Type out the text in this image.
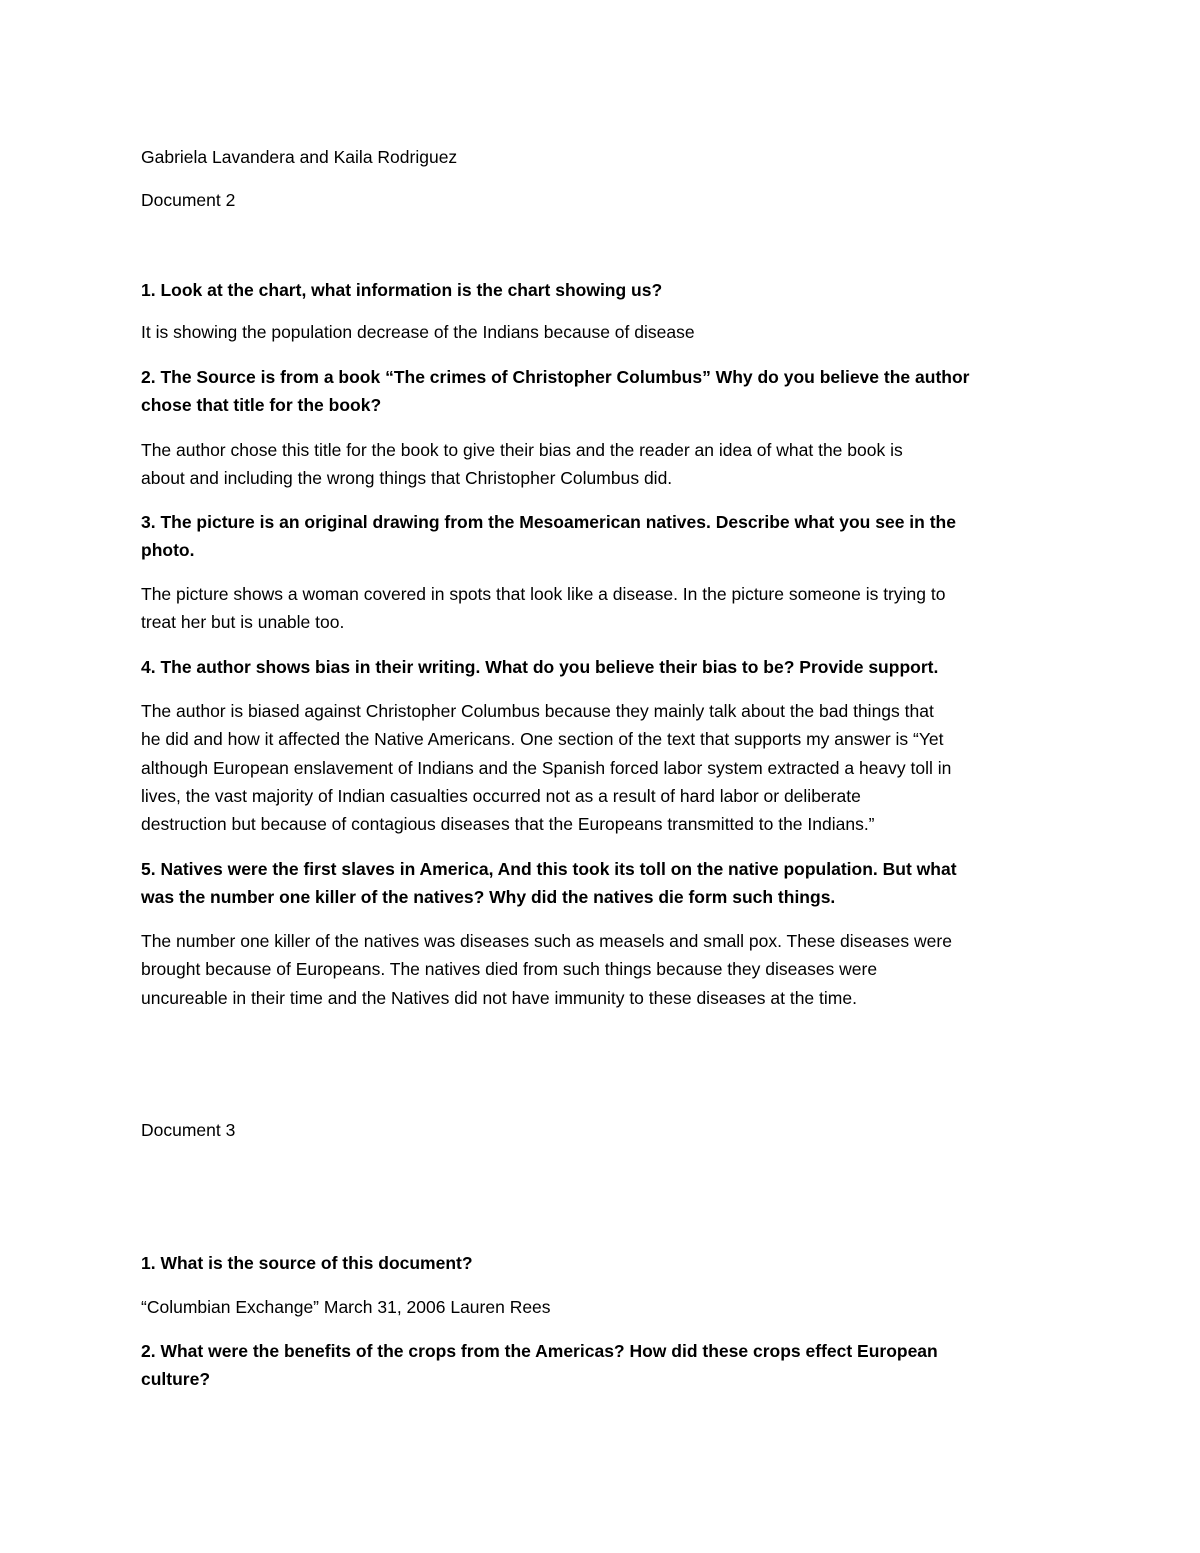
Gabriela Lavandera and Kaila Rodriguez

Document 2

1. Look at the chart, what information is the chart showing us?

It is showing the population decrease of the Indians because of disease

2. The Source is from a book “The crimes of Christopher Columbus” Why do you believe the author

chose that title for the book?

The author chose this title for the book to give their bias and the reader an idea of what the book is

about and including the wrong things that Christopher Columbus did.

3. The picture is an original drawing from the Mesoamerican natives. Describe what you see in the

photo.

The picture shows a woman covered in spots that look like a disease. In the picture someone is trying to

treat her but is unable too.

4. The author shows bias in their writing. What do you believe their bias to be? Provide support.

The author is biased against Christopher Columbus because they mainly talk about the bad things that

he did and how it affected the Native Americans. One section of the text that supports my answer is “Yet

although European enslavement of Indians and the Spanish forced labor system extracted a heavy toll in

lives, the vast majority of Indian casualties occurred not as a result of hard labor or deliberate

destruction but because of contagious diseases that the Europeans transmitted to the Indians.”

5. Natives were the first slaves in America, And this took its toll on the native population. But what

was the number one killer of the natives? Why did the natives die form such things.

The number one killer of the natives was diseases such as measels and small pox. These diseases were

brought because of Europeans. The natives died from such things because they diseases were

uncureable in their time and the Natives did not have immunity to these diseases at the time.

Document 3

1. What is the source of this document?

“Columbian Exchange” March 31, 2006 Lauren Rees

2. What were the benefits of the crops from the Americas? How did these crops effect European

culture?
